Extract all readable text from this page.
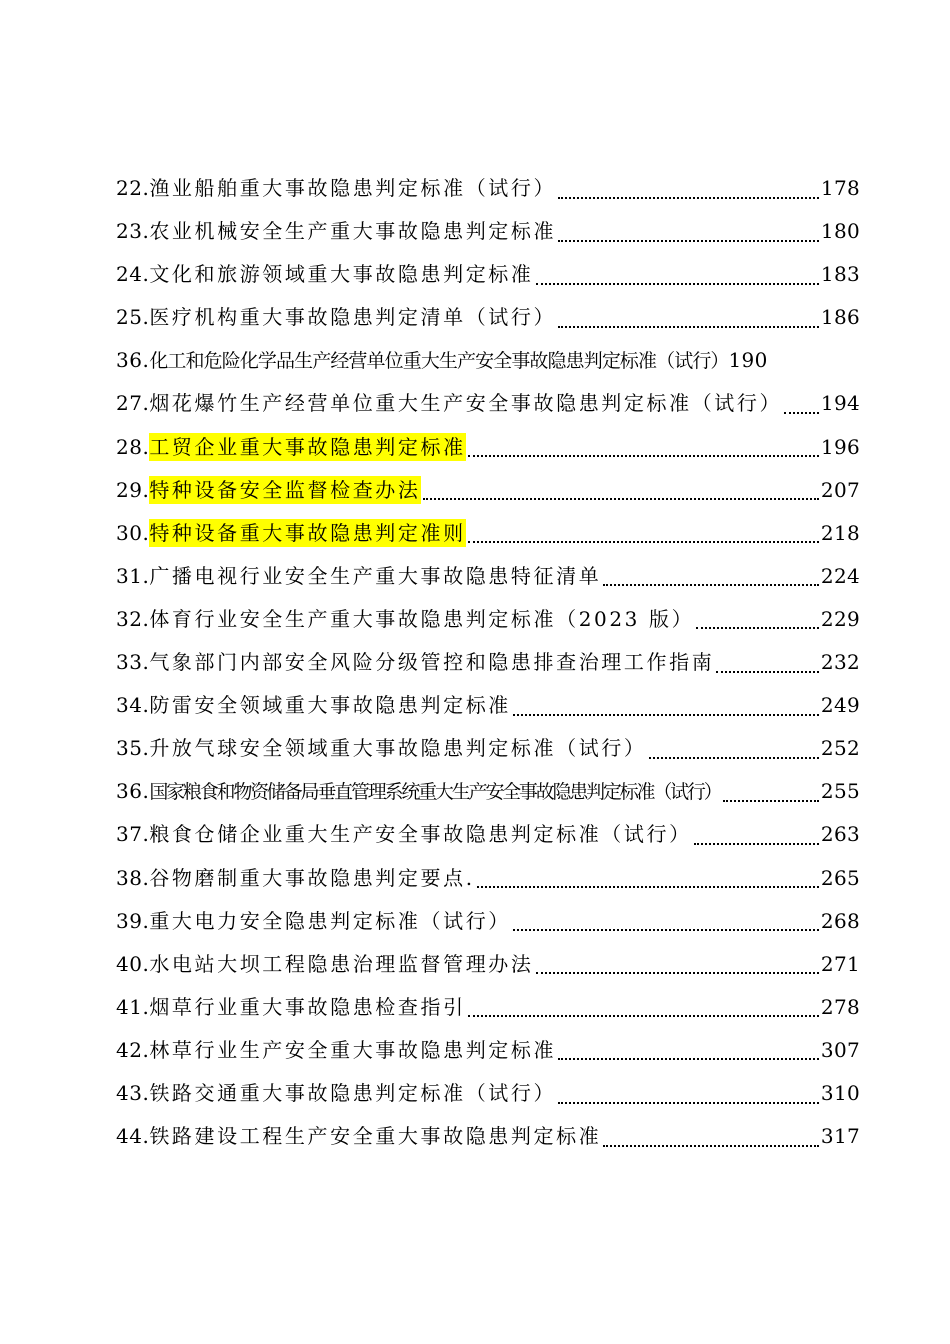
22. 渔业船舶重大事故隐患判定标准（试行）	178
23. 农业机械安全生产重大事故隐患判定标准	180
24. 文化和旅游领域重大事故隐患判定标准	183
25. 医疗机构重大事故隐患判定清单（试行）	186
36. 化工和危险化学品生产经营单位重大生产安全事故隐患判定标准（试行） 190
27. 烟花爆竹生产经营单位重大生产安全事故隐患判定标准（试行） 194
28. 工贸企业重大事故隐患判定标准	196
29. 特种设备安全监督检查办法	207
30. 特种设备重大事故隐患判定准则	218
31. 广播电视行业安全生产重大事故隐患特征清单	224
32. 体育行业安全生产重大事故隐患判定标准（2023 版）	229
33. 气象部门内部安全风险分级管控和隐患排查治理工作指南	232
34. 防雷安全领域重大事故隐患判定标准	249
35. 升放气球安全领域重大事故隐患判定标准（试行）	252
36. 国家粮食和物资储备局垂直管理系统重大生产安全事故隐患判定标准（试行）	255
37. 粮食仓储企业重大生产安全事故隐患判定标准（试行）	263
38. 谷物磨制重大事故隐患判定要点.	265
39. 重大电力安全隐患判定标准（试行）	268
40. 水电站大坝工程隐患治理监督管理办法	271
41. 烟草行业重大事故隐患检查指引	278
42. 林草行业生产安全重大事故隐患判定标准	307
43. 铁路交通重大事故隐患判定标准（试行）	310
44. 铁路建设工程生产安全重大事故隐患判定标准	317
